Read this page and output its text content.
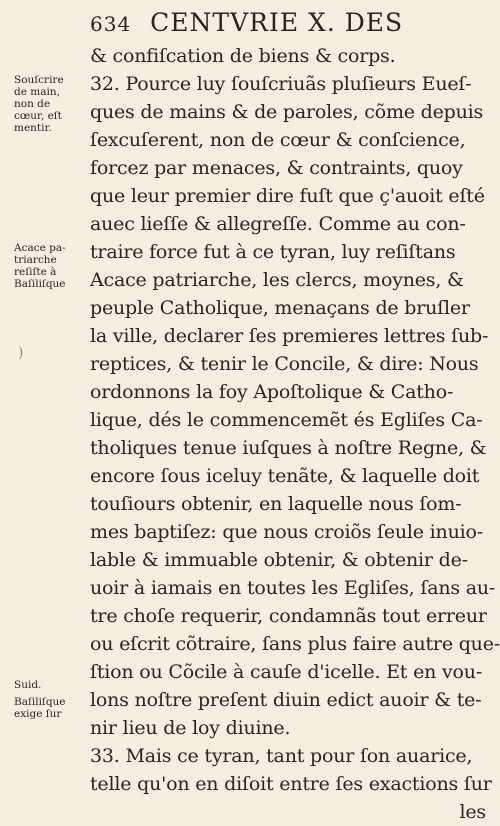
634 CENTVRIE X. DES
& confiſcation de biens & corps.
32. Pource luy ſouſcriuãs pluſieurs Eueſ-
ques de mains & de paroles, cõme depuis
ſexcuſerent, non de cœur & conſcience,
forcez par menaces, & contraints, quoy
que leur premier dire fuſt que ç'auoit eſté
auec lieſſe & allegreſſe. Comme au con-
traire force fut à ce tyran, luy reſiſtans
Acace patriarche, les clercs, moynes, &
peuple Catholique, menaçans de bruſler
la ville, declarer ſes premieres lettres ſub-
reptices, & tenir le Concile, & dire: Nous
ordonnons la foy Apoſtolique & Catho-
lique, dés le commencemẽt és Egliſes Ca-
tholiques tenue iuſques à noſtre Regne, &
encore ſous iceluy tenãte, & laquelle doit
touſiours obtenir, en laquelle nous ſom-
mes baptiſez: que nous croiõs ſeule inuio-
lable & immuable obtenir, & obtenir de-
uoir à iamais en toutes les Egliſes, ſans au-
tre choſe requerir, condamnãs tout erreur
ou eſcrit cõtraire, ſans plus faire autre que-
ſtion ou Cõcile à cauſe d'icelle. Et en vou-
lons noſtre preſent diuin edict auoir & te-
nir lieu de loy diuine.
33. Mais ce tyran, tant pour ſon auarice,
telle qu'on en diſoit entre ſes exactions ſur
les
Souſcrire
de main,
non de
cœur, eſt
mentir.
Acace pa-
triarche
reſiſte à
Baſiliſque
)
Suid.
Baſiliſque
exige ſur
